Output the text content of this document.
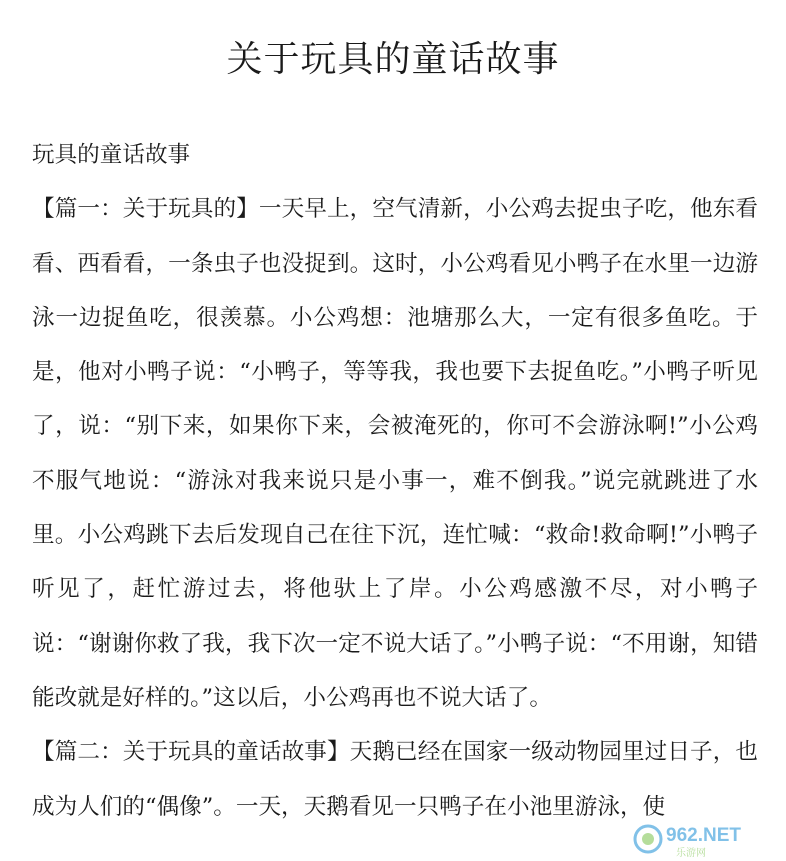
关于玩具的童话故事

玩具的童话故事

【篇一：关于玩具的】一天早上，空气清新，小公鸡去捉虫子吃，他东看看、西看看，一条虫子也没捉到。这时，小公鸡看见小鸭子在水里一边游泳一边捉鱼吃，很羡慕。小公鸡想：池塘那么大，一定有很多鱼吃。于是，他对小鸭子说：“小鸭子，等等我，我也要下去捉鱼吃。”小鸭子听见了，说：“别下来，如果你下来，会被淹死的，你可不会游泳啊!”小公鸡不服气地说：“游泳对我来说只是小事一，难不倒我。”说完就跳进了水里。小公鸡跳下去后发现自己在往下沉，连忙喊：“救命!救命啊!”小鸭子听见了，赶忙游过去，将他驮上了岸。小公鸡感激不尽，对小鸭子说：“谢谢你救了我，我下次一定不说大话了。”小鸭子说：“不用谢，知错能改就是好样的。”这以后，小公鸡再也不说大话了。

【篇二：关于玩具的童话故事】天鹅已经在国家一级动物园里过日子，也成为人们的“偶像”。一天，天鹅看见一只鸭子在小池里游泳，使

962.NET
乐游网
